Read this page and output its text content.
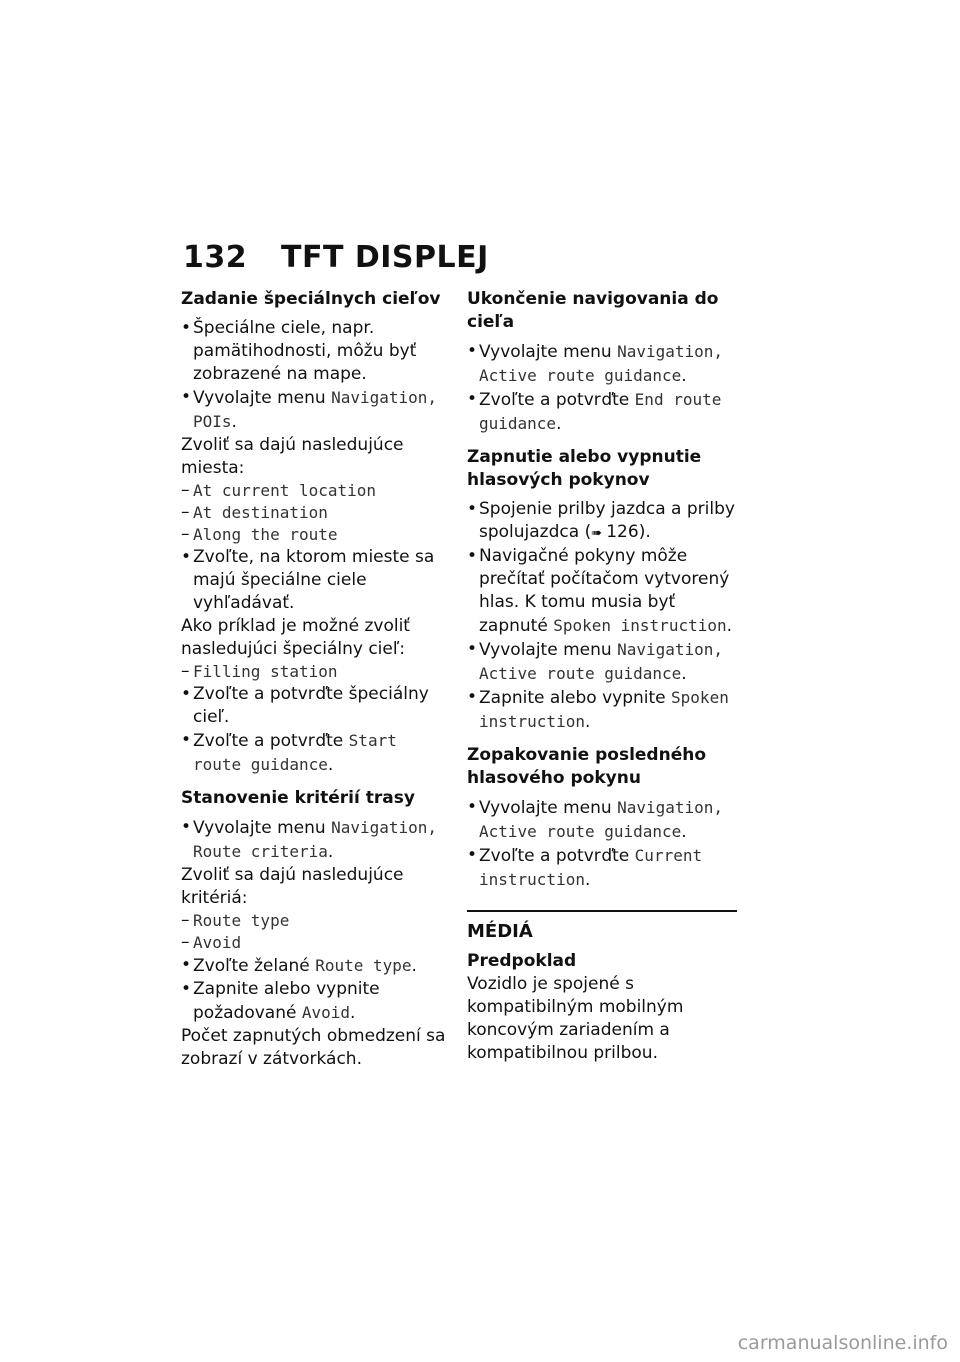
132 TFT DISPLEJ
Zadanie špeciálnych cieľov

• Špeciálne ciele, napr. pamätihodnosti, môžu byť zobrazené na mape.

• Vyvolajte menu Navigation, POIs.

Zvoliť sa dajú nasledujúce miesta:

– At current location

– At destination

– Along the route

• Zvoľte, na ktorom mieste sa majú špeciálne ciele vyhľadávať.

Ako príklad je možné zvoliť nasledujúci špeciálny cieľ:

– Filling station

• Zvoľte a potvrďte špeciálny cieľ.

• Zvoľte a potvrďte Start route guidance.

Stanovenie kritérií trasy

• Vyvolajte menu Navigation, Route criteria.

Zvoliť sa dajú nasledujúce kritériá:

– Route type

– Avoid

• Zvoľte želané Route type.

• Zapnite alebo vypnite požadované Avoid.

Počet zapnutých obmedzení sa zobrazí v zátvorkách.

Ukončenie navigovania do cieľa

• Vyvolajte menu Navigation, Active route guidance.

• Zvoľte a potvrďte End route guidance.

Zapnutie alebo vypnutie hlasových pokynov

• Spojenie prilby jazdca a prilby spolujazdca (➠ 126).

• Navigačné pokyny môže prečítať počítačom vytvorený hlas. K tomu musia byť zapnuté Spoken instruction.

• Vyvolajte menu Navigation, Active route guidance.

• Zapnite alebo vypnite Spoken instruction.

Zopakovanie posledného hlasového pokynu

• Vyvolajte menu Navigation, Active route guidance.

• Zvoľte a potvrďte Current instruction.

MÉDIÁ
Predpoklad

Vozidlo je spojené s kompatibilným mobilným koncovým zariadením a kompatibilnou prilbou.

carmanualsonline.info
